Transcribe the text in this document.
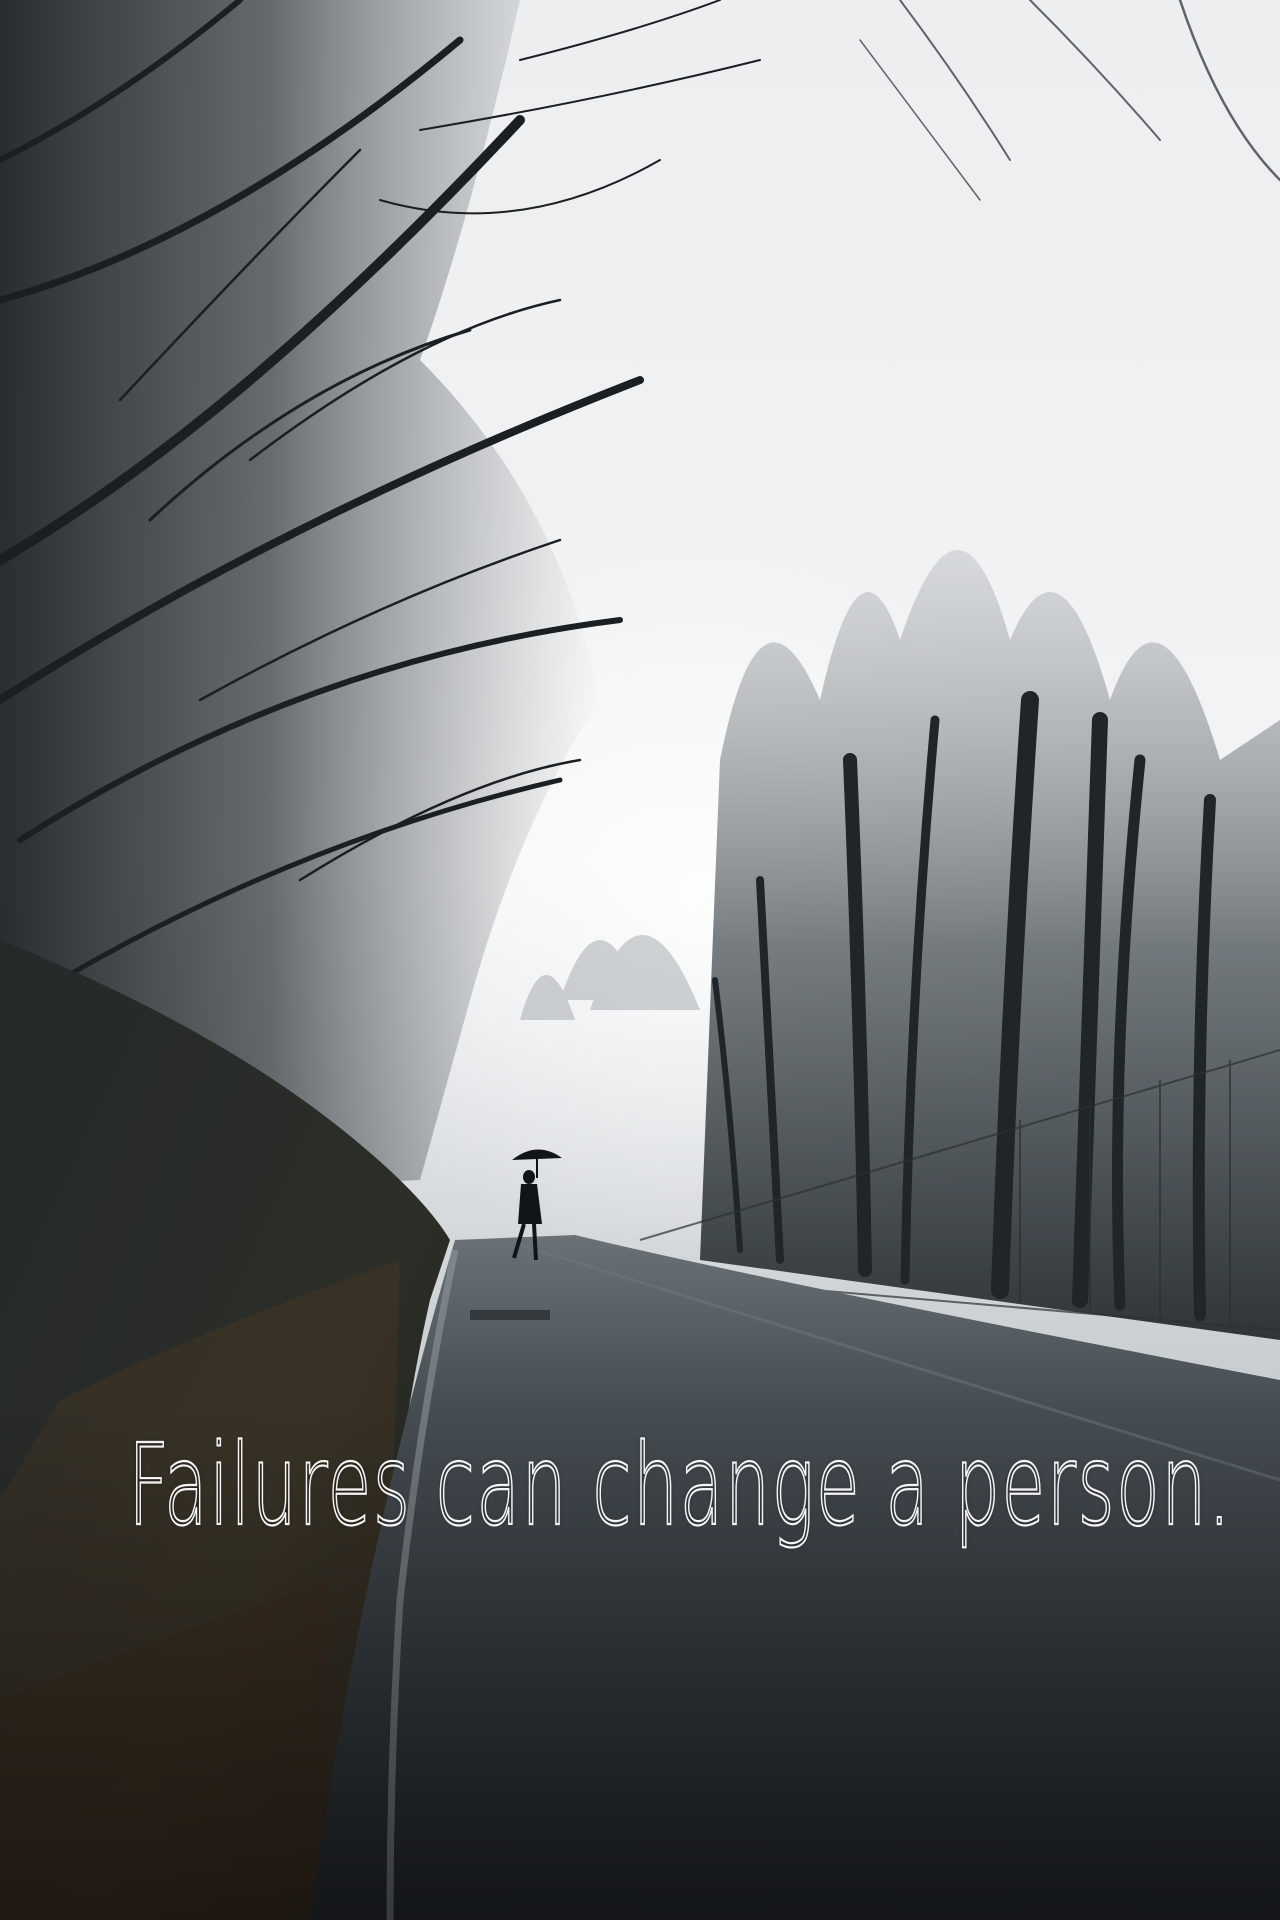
Failures can change a person.
